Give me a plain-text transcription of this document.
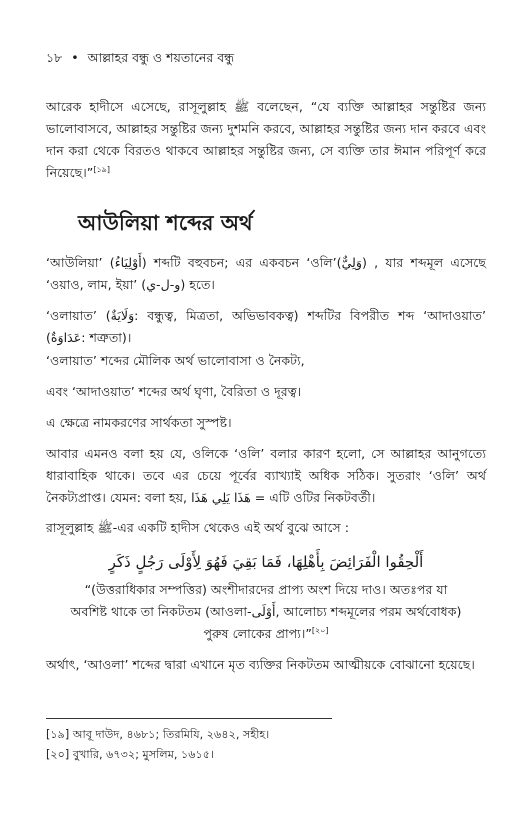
১৮ • আল্লাহর বন্ধু ও শয়তানের বন্ধু
আরেক হাদীসে এসেছে, রাসূলুল্লাহ ﷺ বলেছেন, “যে ব্যক্তি আল্লাহর সন্তুষ্টির জন্য ভালোবাসবে, আল্লাহর সন্তুষ্টির জন্য দুশমনি করবে, আল্লাহর সন্তুষ্টির জন্য দান করবে এবং দান করা থেকে বিরতও থাকবে আল্লাহর সন্তুষ্টির জন্য, সে ব্যক্তি তার ঈমান পরিপূর্ণ করে নিয়েছে।”[১৯]
আউলিয়া শব্দের অর্থ
‘আউলিয়া’ (أَوْلِيَاءُ) শব্দটি বহুবচন; এর একবচন ‘ওলি’(وَلِيٌّ) , যার শব্দমূল এসেছে ‘ওয়াও, লাম, ইয়া’ (و-ل-ي) হতে।
‘ওলায়াত’ (وَلَايَةٌ: বন্ধুত্ব, মিত্রতা, অভিভাবকত্ব) শব্দটির বিপরীত শব্দ ‘আদাওয়াত’ (عَدَاوَةٌ: শত্রুতা)।
‘ওলায়াত’ শব্দের মৌলিক অর্থ ভালোবাসা ও নৈকট্য,
এবং ‘আদাওয়াত’ শব্দের অর্থ ঘৃণা, বৈরিতা ও দূরত্ব।
এ ক্ষেত্রে নামকরণের সার্থকতা সুস্পষ্ট।
আবার এমনও বলা হয় যে, ওলিকে ‘ওলি’ বলার কারণ হলো, সে আল্লাহর আনুগত্যে ধারাবাহিক থাকে। তবে এর চেয়ে পূর্বের ব্যাখ্যাই অধিক সঠিক। সুতরাং ‘ওলি’ অর্থ নৈকট্যপ্রাপ্ত। যেমন: বলা হয়, هَذَا يَلِي هَذَا = এটি ওটির নিকটবর্তী।
রাসূলুল্লাহ ﷺ-এর একটি হাদীস থেকেও এই অর্থ বুঝে আসে :
أَلْحِقُوا الْفَرَائِضَ بِأَهْلِهَا، فَمَا بَقِيَ فَهُوَ لِأَوْلَى رَجُلٍ ذَكَرٍ
“(উত্তরাধিকার সম্পত্তির) অংশীদারদের প্রাপ্য অংশ দিয়ে দাও। অতঃপর যা অবশিষ্ট থাকে তা নিকটতম (আওলা-أَوْلَى, আলোচ্য শব্দমূলের পরম অর্থবোধক) পুরুষ লোকের প্রাপ্য।”[২০]
অর্থাৎ, ‘আওলা’ শব্দের দ্বারা এখানে মৃত ব্যক্তির নিকটতম আত্মীয়কে বোঝানো হয়েছে।
[১৯] আবূ দাউদ, ৪৬৮১; তিরমিযি, ২৬৪২, সহীহ।
[২০] বুখারি, ৬৭৩২; মুসলিম, ১৬১৫।
